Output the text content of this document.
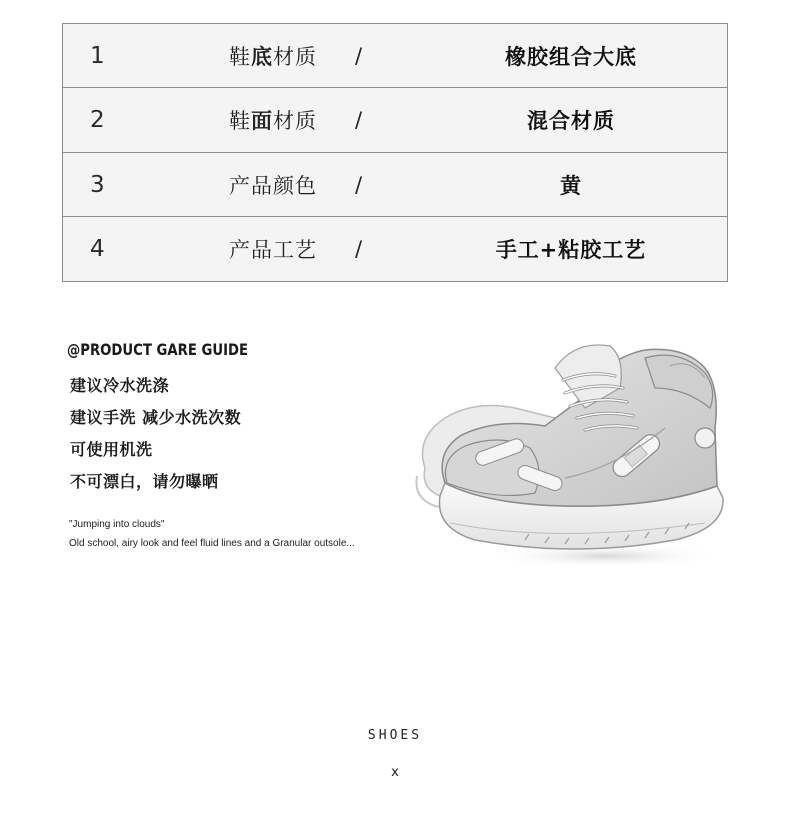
1	鞋底材质 /	橡胶组合大底
2	鞋面材质 /	混合材质
3	产品颜色 /	黄
4	产品工艺 /	手工+粘胶工艺
@PRODUCT GARE GUIDE
建议冷水洗涤
建议手洗 减少水洗次数
可使用机洗
不可漂白，请勿曝晒
"Jumping into clouds"
Old school, airy look and feel fluid lines and a Granular outsole...
SHOES
x
